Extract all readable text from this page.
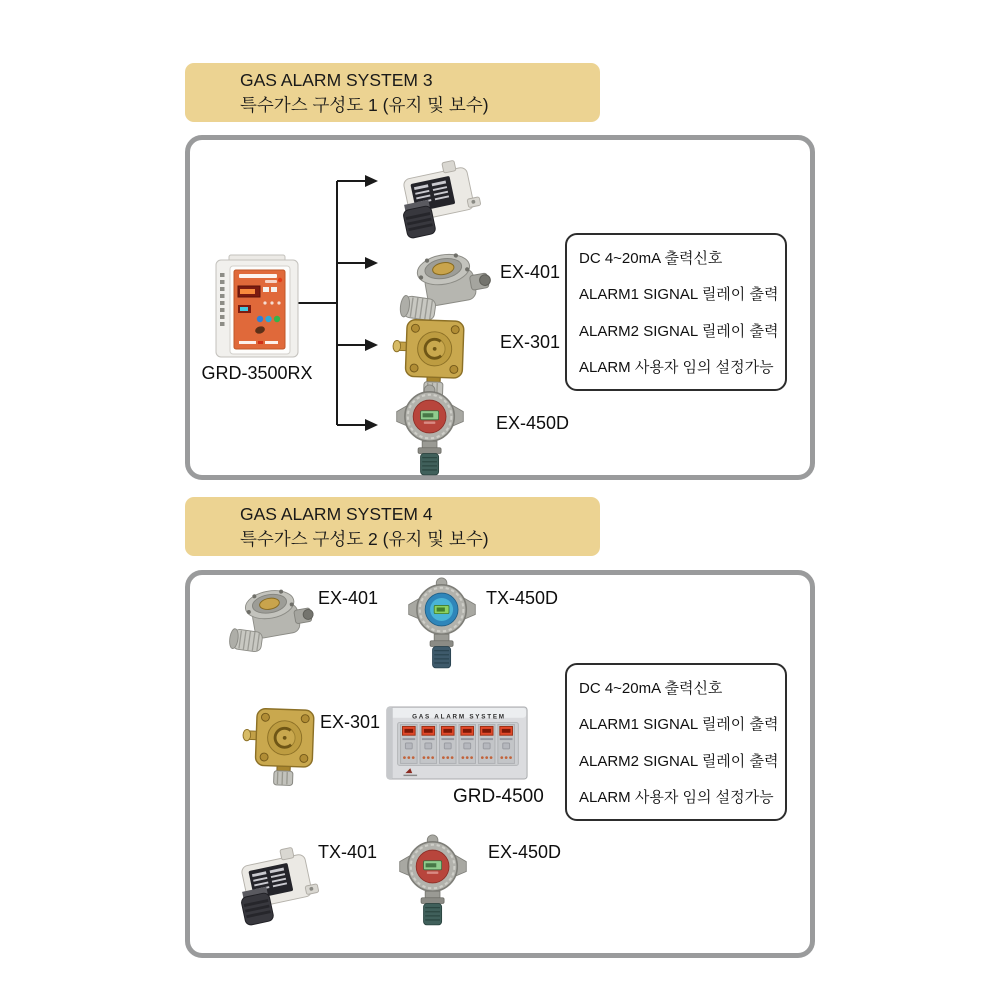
GAS ALARM SYSTEM 3
특수가스 구성도 1 (유지 및 보수)
GRD-3500RX
EX-401
EX-301
EX-450D
DC 4~20mA 출력신호
ALARM1 SIGNAL 릴레이 출력
ALARM2 SIGNAL 릴레이 출력
ALARM 사용자 임의 설정가능
GAS ALARM SYSTEM 4
특수가스 구성도 2 (유지 및 보수)
EX-401	TX-450D
EX-301	GAS ALARM SYSTEM
GRD-4500
TX-401	EX-450D
DC 4~20mA 출력신호
ALARM1 SIGNAL 릴레이 출력
ALARM2 SIGNAL 릴레이 출력
ALARM 사용자 임의 설정가능
